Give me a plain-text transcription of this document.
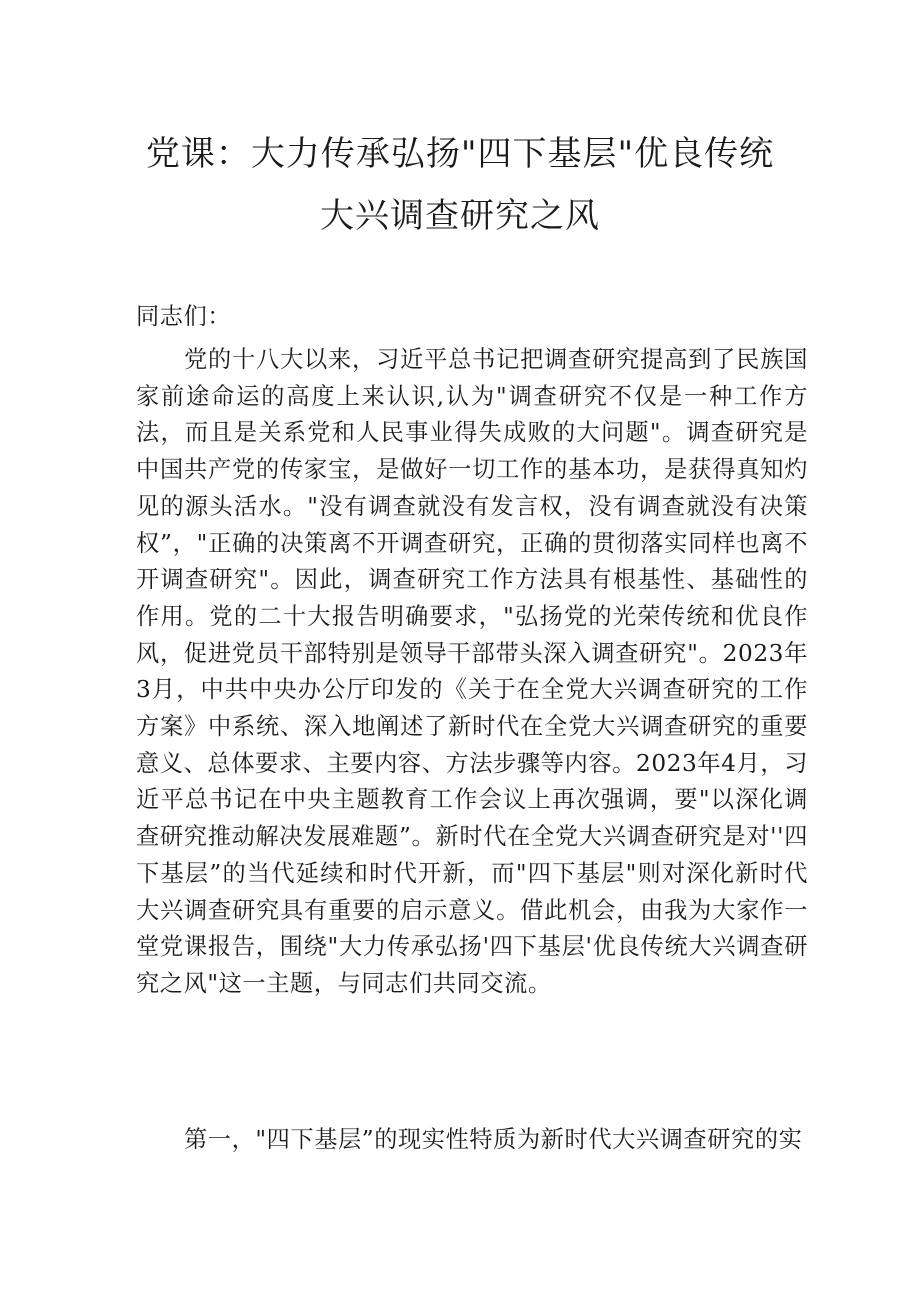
党课：大力传承弘扬"四下基层"优良传统
大兴调查研究之风
同志们：
党的十八大以来，习近平总书记把调查研究提高到了民族国家前途命运的高度上来认识,认为"调查研究不仅是一种工作方法，而且是关系党和人民事业得失成败的大问题"。调查研究是中国共产党的传家宝，是做好一切工作的基本功，是获得真知灼见的源头活水。"没有调查就没有发言权，没有调查就没有决策权”，"正确的决策离不开调查研究，正确的贯彻落实同样也离不开调查研究"。因此，调查研究工作方法具有根基性、基础性的作用。党的二十大报告明确要求，"弘扬党的光荣传统和优良作风，促进党员干部特别是领导干部带头深入调查研究"。2023年3月，中共中央办公厅印发的《关于在全党大兴调查研究的工作方案》中系统、深入地阐述了新时代在全党大兴调查研究的重要意义、总体要求、主要内容、方法步骤等内容。2023年4月，习近平总书记在中央主题教育工作会议上再次强调，要"以深化调查研究推动解决发展难题”。新时代在全党大兴调查研究是对''四下基层”的当代延续和时代开新，而"四下基层"则对深化新时代大兴调查研究具有重要的启示意义。借此机会，由我为大家作一堂党课报告，围绕"大力传承弘扬'四下基层'优良传统大兴调查研究之风"这一主题，与同志们共同交流。
第一，"四下基层”的现实性特质为新时代大兴调查研究的实
